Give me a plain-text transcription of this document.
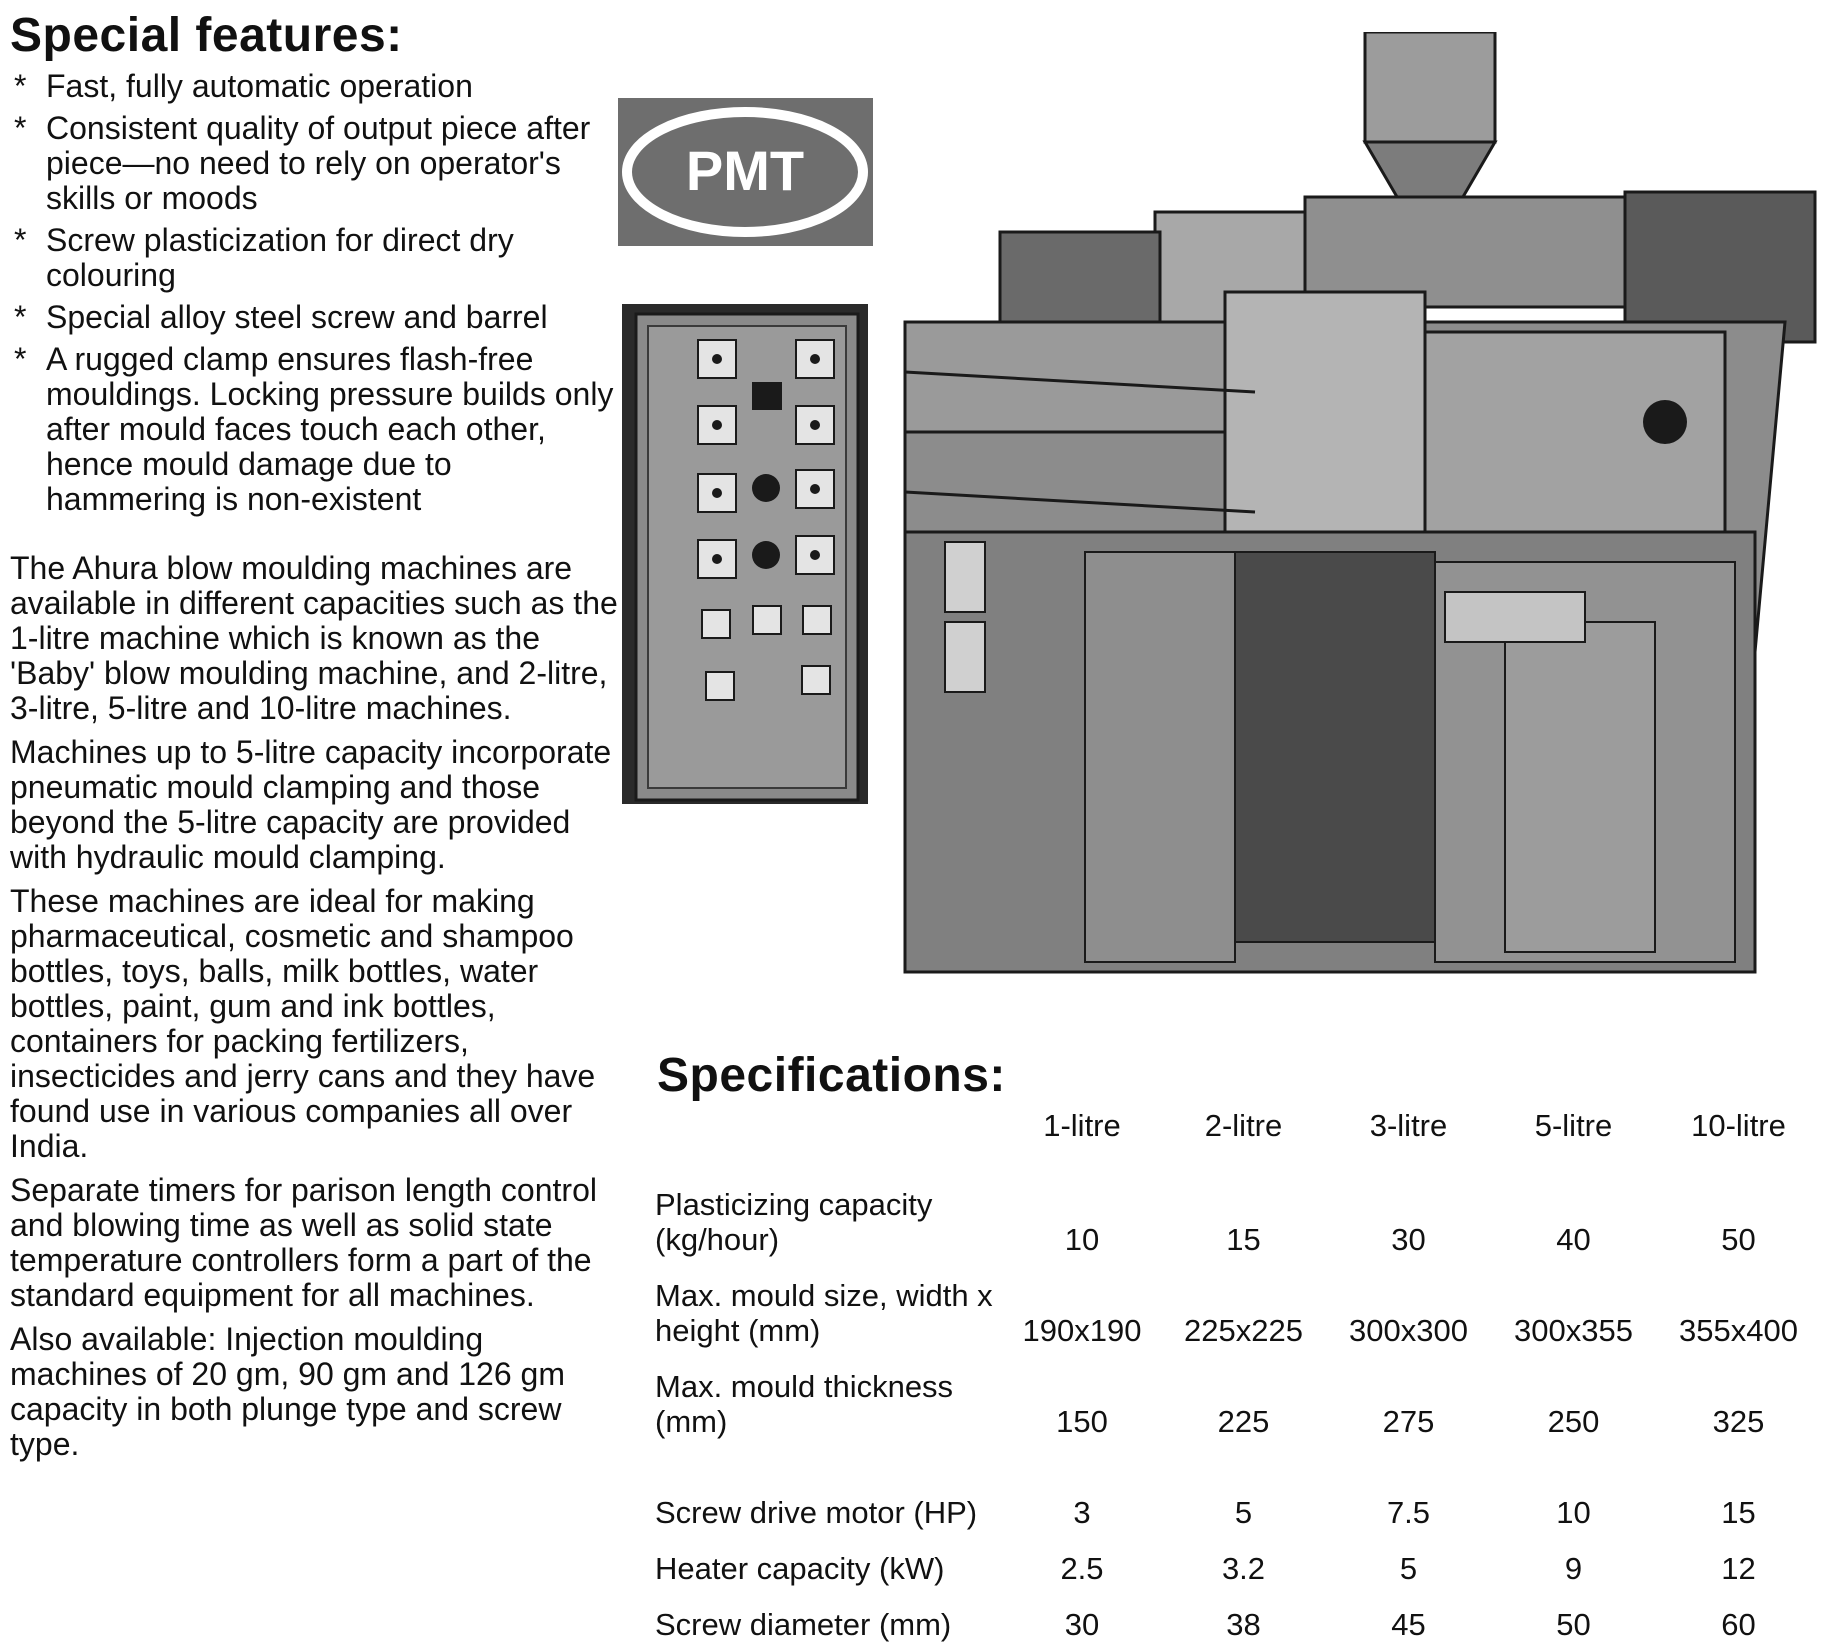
Special features:
* Fast, fully automatic operation
* Consistent quality of output piece after piece—no need to rely on operator's skills or moods
* Screw plasticization for direct dry colouring
* Special alloy steel screw and barrel
* A rugged clamp ensures flash-free mouldings. Locking pressure builds only after mould faces touch each other, hence mould damage due to hammering is non-existent

The Ahura blow moulding machines are available in different capacities such as the 1-litre machine which is known as the 'Baby' blow moulding machine, and 2-litre, 3-litre, 5-litre and 10-litre machines.

Machines up to 5-litre capacity incorporate pneumatic mould clamping and those beyond the 5-litre capacity are provided with hydraulic mould clamping.

These machines are ideal for making pharmaceutical, cosmetic and shampoo bottles, toys, balls, milk bottles, water bottles, paint, gum and ink bottles, containers for packing fertilizers, insecticides and jerry cans and they have found use in various companies all over India.

Separate timers for parison length control and blowing time as well as solid state temperature controllers form a part of the standard equipment for all machines.

Also available: Injection moulding machines of 20 gm, 90 gm and 126 gm capacity in both plunge type and screw type.

PMT
Specifications:
	1-litre	2-litre	3-litre	5-litre	10-litre
Plasticizing capacity (kg/hour)	10	15	30	40	50
Max. mould size, width x height (mm)	190x190	225x225	300x300	300x355	355x400
Max. mould thickness (mm)	150	225	275	250	325
Screw drive motor (HP)	3	5	7.5	10	15
Heater capacity (kW)	2.5	3.2	5	9	12
Screw diameter (mm)	30	38	45	50	60
